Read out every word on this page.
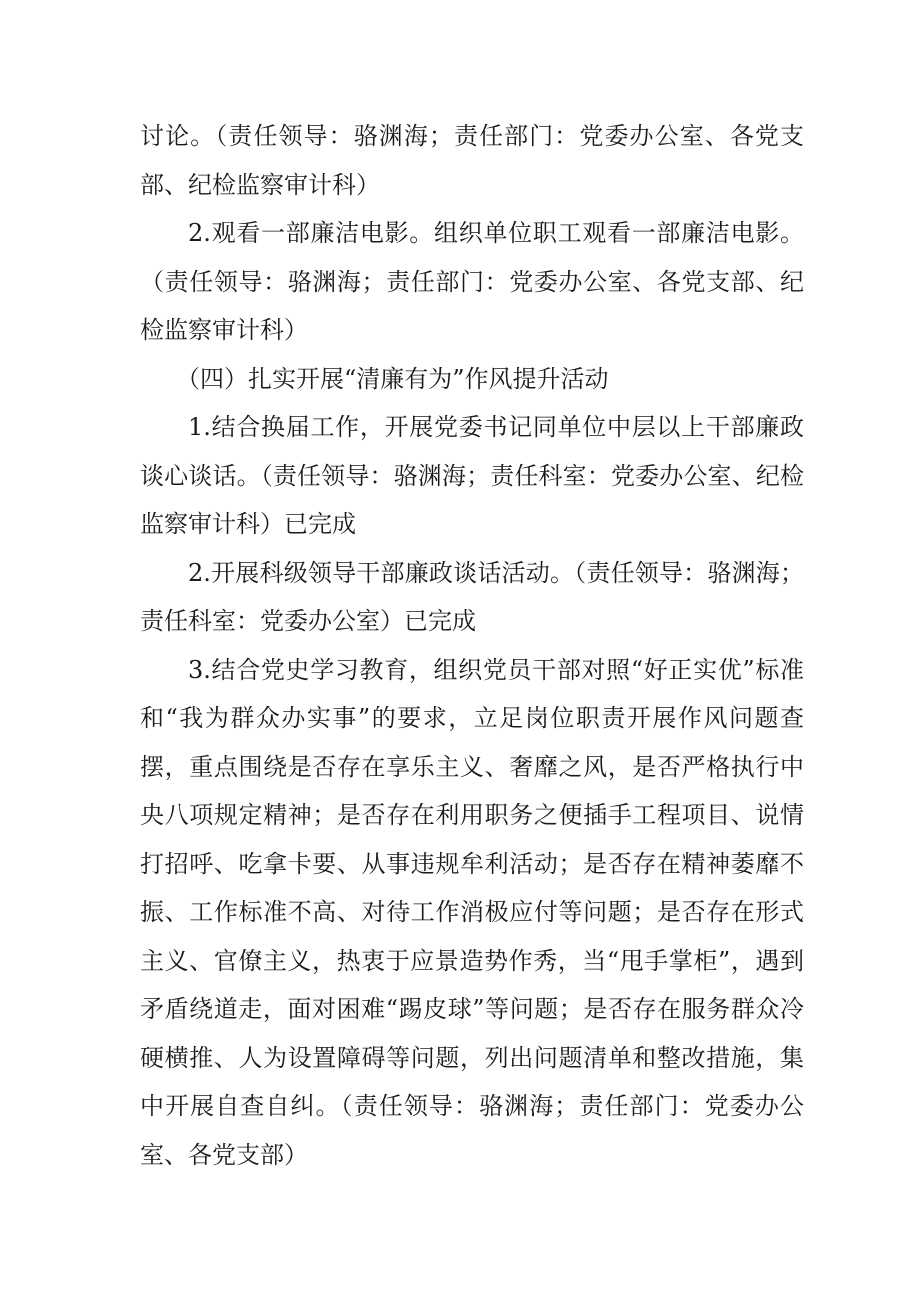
讨论。（责任领导：骆渊海；责任部门：党委办公室、各党支部、纪检监察审计科）

2.观看一部廉洁电影。组织单位职工观看一部廉洁电影。（责任领导：骆渊海；责任部门：党委办公室、各党支部、纪检监察审计科）

（四）扎实开展“清廉有为”作风提升活动

1.结合换届工作，开展党委书记同单位中层以上干部廉政谈心谈话。（责任领导：骆渊海；责任科室：党委办公室、纪检监察审计科）已完成

2.开展科级领导干部廉政谈话活动。（责任领导：骆渊海；责任科室：党委办公室）已完成

3.结合党史学习教育，组织党员干部对照“好正实优”标准和“我为群众办实事”的要求，立足岗位职责开展作风问题查摆，重点围绕是否存在享乐主义、奢靡之风，是否严格执行中央八项规定精神；是否存在利用职务之便插手工程项目、说情打招呼、吃拿卡要、从事违规牟利活动；是否存在精神萎靡不振、工作标准不高、对待工作消极应付等问题；是否存在形式主义、官僚主义，热衷于应景造势作秀，当“甩手掌柜”，遇到矛盾绕道走，面对困难“踢皮球”等问题；是否存在服务群众冷硬横推、人为设置障碍等问题，列出问题清单和整改措施，集中开展自查自纠。（责任领导：骆渊海；责任部门：党委办公室、各党支部）
